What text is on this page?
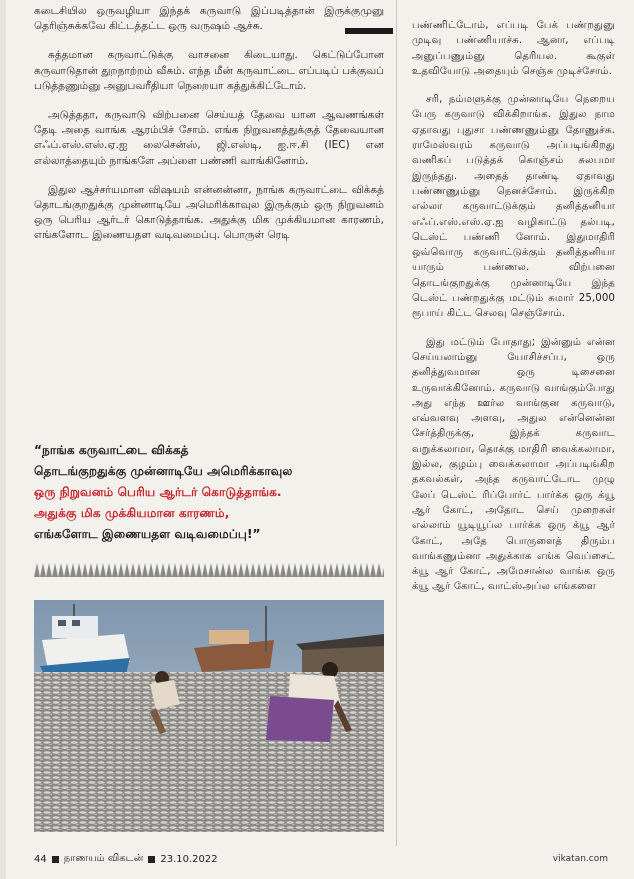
கடைசியில ஒருவழியா இந்தக் கருவாடு இப்படித்தான் இருக்குமுனு தெரிஞ்சுக்கவே கிட்டத்தட்ட ஒரு வருஷம் ஆச்சு.

சுத்தமான கருவாட்டுக்கு வாசனை கிடையாது. கெட்டுப்போன கருவாடுதான் துறநாற்றம் வீசும். எந்த மீன் கருவாட்டை எப்படிப் பக்குவப் படுத்தணும்னு அனுபவரீதியா நெறையா கத்துக்கிட்டோம்.

அடுத்ததா, கருவாடு விற்பனை செய்யத் தேவை யான ஆவணங்கள் தேடி அதை வாங்க ஆரம்பிச் சோம். எங்க நிறுவனத்துக்குத் தேவையான எஃப்.எஸ்.எஸ்.ஏ.ஐ லைசென்ஸ், ஜி.எஸ்டி, ஐ.ஈ.சி (IEC) என எல்லாத்தையும் நாங்களே அப்ளை பண்ணி வாங்கினோம்.

இதுல ஆச்சர்யமான விஷயம் என்னன்னா, நாங்க கருவாட்டை விக்கத் தொடங்குறதுக்கு முன்னாடியே அமெரிக்காவுல இருக்கும் ஒரு நிறுவனம் ஒரு பெரிய ஆர்டர் கொடுத்தாங்க. அதுக்கு மிக முக்கியமான காரணம், எங்களோட இணையதள வடிவமைப்பு. பொருள் ரெடி

பண்ணிட்டோம், எப்படி பேக் பண்றதுனு முடிவு பண்ணியாச்சு. ஆனா, எப்படி அனுப்பணும்னு தெரியல. கூகுள் உதவியோடு அதையும் செஞ்சு முடிச்சோம்.

சரி, நம்மளுக்கு முன்னாடியே நெறைய பேரு கருவாடு விக்கிறாங்க. இதுல நாம ஏதாவது புதுசா பண்ணணும்னு தோணுச்சு. ராமேஸ்வரம் கருவாடு அப்படிங்கிறது வணிகப் படுத்தக் கொஞ்சம் சுலபமா இருந்தது. அதைத் தாண்டி ஏதாவது பண்ணணும்னு நெனச்சோம். இருக்கிற எல்லா கருவாட்டுக்கும் தனித்தனியா எஃப்.எஸ்.எஸ்.ஏ.ஐ வழிகாட்டு தல்படி, டெஸ்ட் பண்ணி னோம். இதுமாதிரி ஒவ்வொரு கருவாட்டுக்கும் தனித்தனியா யாரும் பண்ணல. விற்பனை தொடங்குறதுக்கு முன்னாடியே இந்த டெஸ்ட் பண்றதுக்கு மட்டும் சுமார் 25,000 ரூபாய் கிட்ட செலவு செஞ்சோம்.

இது மட்டும் போதாது; இன்னும் என்ன செய்யலாம்னு யோசிச்சப்ப, ஒரு தனித்துவமான ஒரு டிசைனை உருவாக்கினோம். கருவாடு வாங்கும்போது அது எந்த ஊர்ல வாங்குன கருவாடு, எவ்வளவு அளவு, அதுல என்னென்ன சேர்த்திருக்கு, இந்தக் கருவாட வறுக்கலாமா, தொக்கு மாதிரி வைக்கலாமா, இல்ல, குழம்பு வைக்கலாமா அப்படிங்கிற தகவல்கள், அந்த கருவாட்டோட முழு லேப் டெஸ்ட் ரிப்போர்ட் பார்க்க ஒரு க்யூ ஆர் கோட், அதோட செய் முறைகள் எல்லாம் யூடியூப்ல பார்க்க ஒரு க்யூ ஆர் கோட், அதே பொருளைத் திரும்ப வாங்கணும்னா அதுக்காக எங்க வெப்சைட் க்யூ ஆர் கோட், அமேசான்ல வாங்க ஒரு க்யூ ஆர் கோட், வாட்ஸ்அப்ல எங்களை

“நாங்க கருவாட்டை விக்கத்
தொடங்குறதுக்கு முன்னாடியே அமெரிக்காவுல
ஒரு நிறுவனம் பெரிய ஆர்டர் கொடுத்தாங்க.
அதுக்கு மிக முக்கியமான காரணம்,
எங்களோட இணையதள வடிவமைப்பு!”
44 நாணயம் விகடன் 23.10.2022	vikatan.com
